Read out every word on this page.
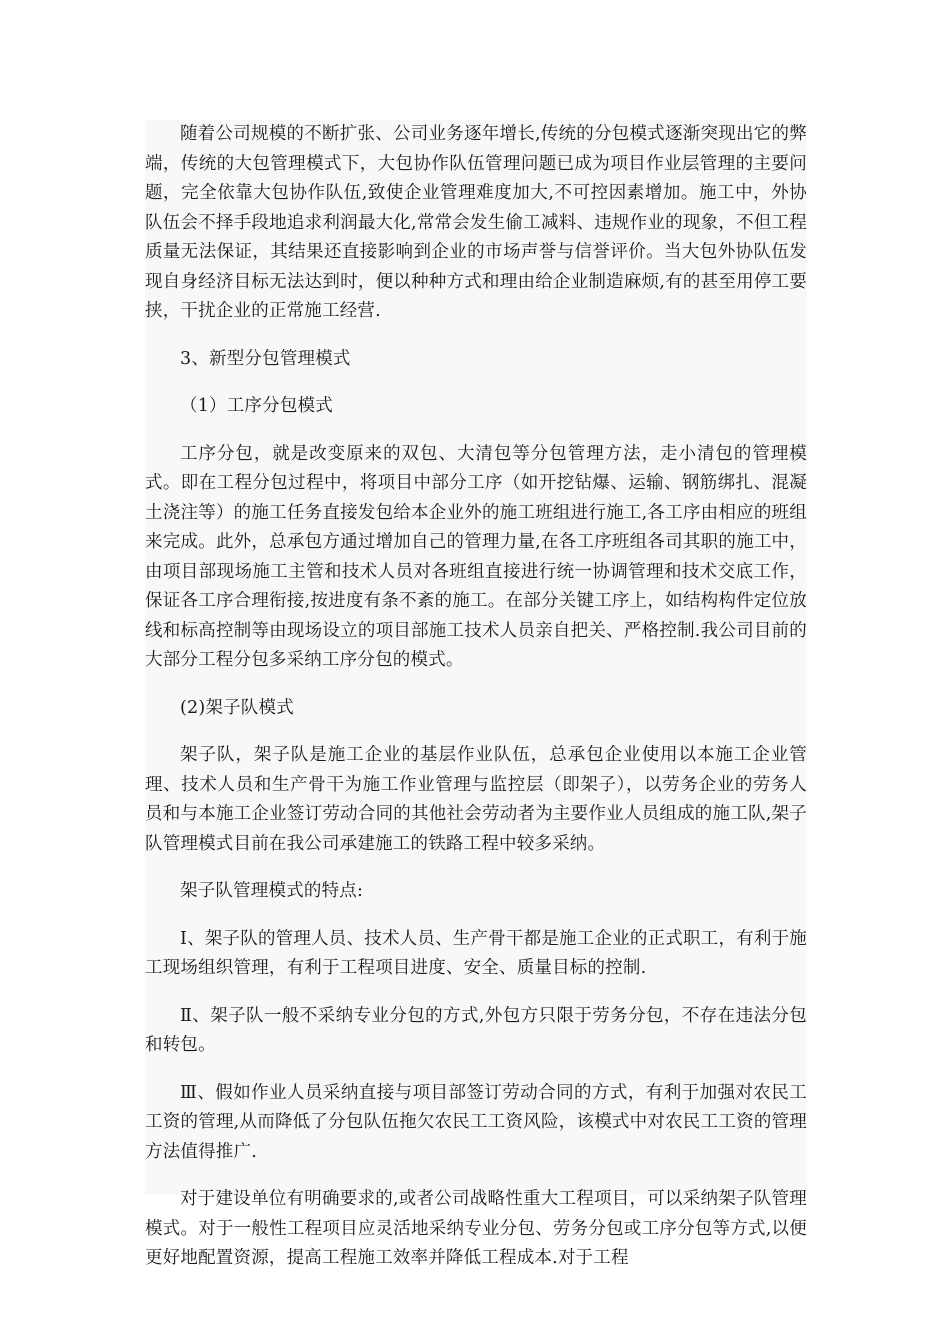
随着公司规模的不断扩张、公司业务逐年增长,传统的分包模式逐渐突现出它的弊端，传统的大包管理模式下，大包协作队伍管理问题已成为项目作业层管理的主要问题，完全依靠大包协作队伍,致使企业管理难度加大,不可控因素增加。施工中，外协队伍会不择手段地追求利润最大化,常常会发生偷工减料、违规作业的现象，不但工程质量无法保证，其结果还直接影响到企业的市场声誉与信誉评价。当大包外协队伍发现自身经济目标无法达到时，便以种种方式和理由给企业制造麻烦,有的甚至用停工要挟，干扰企业的正常施工经营.

3、新型分包管理模式

（1）工序分包模式

工序分包，就是改变原来的双包、大清包等分包管理方法，走小清包的管理模式。即在工程分包过程中，将项目中部分工序（如开挖钻爆、运输、钢筋绑扎、混凝土浇注等）的施工任务直接发包给本企业外的施工班组进行施工,各工序由相应的班组来完成。此外，总承包方通过增加自己的管理力量,在各工序班组各司其职的施工中，由项目部现场施工主管和技术人员对各班组直接进行统一协调管理和技术交底工作，保证各工序合理衔接,按进度有条不紊的施工。在部分关键工序上，如结构构件定位放线和标高控制等由现场设立的项目部施工技术人员亲自把关、严格控制.我公司目前的大部分工程分包多采纳工序分包的模式。

(2)架子队模式

架子队，架子队是施工企业的基层作业队伍，总承包企业使用以本施工企业管理、技术人员和生产骨干为施工作业管理与监控层（即架子），以劳务企业的劳务人员和与本施工企业签订劳动合同的其他社会劳动者为主要作业人员组成的施工队,架子队管理模式目前在我公司承建施工的铁路工程中较多采纳。

架子队管理模式的特点:

Ⅰ、架子队的管理人员、技术人员、生产骨干都是施工企业的正式职工，有利于施工现场组织管理，有利于工程项目进度、安全、质量目标的控制.

Ⅱ、架子队一般不采纳专业分包的方式,外包方只限于劳务分包，不存在违法分包和转包。

Ⅲ、假如作业人员采纳直接与项目部签订劳动合同的方式，有利于加强对农民工工资的管理,从而降低了分包队伍拖欠农民工工资风险，该模式中对农民工工资的管理方法值得推广.

对于建设单位有明确要求的,或者公司战略性重大工程项目，可以采纳架子队管理模式。对于一般性工程项目应灵活地采纳专业分包、劳务分包或工序分包等方式,以便更好地配置资源，提高工程施工效率并降低工程成本.对于工程
